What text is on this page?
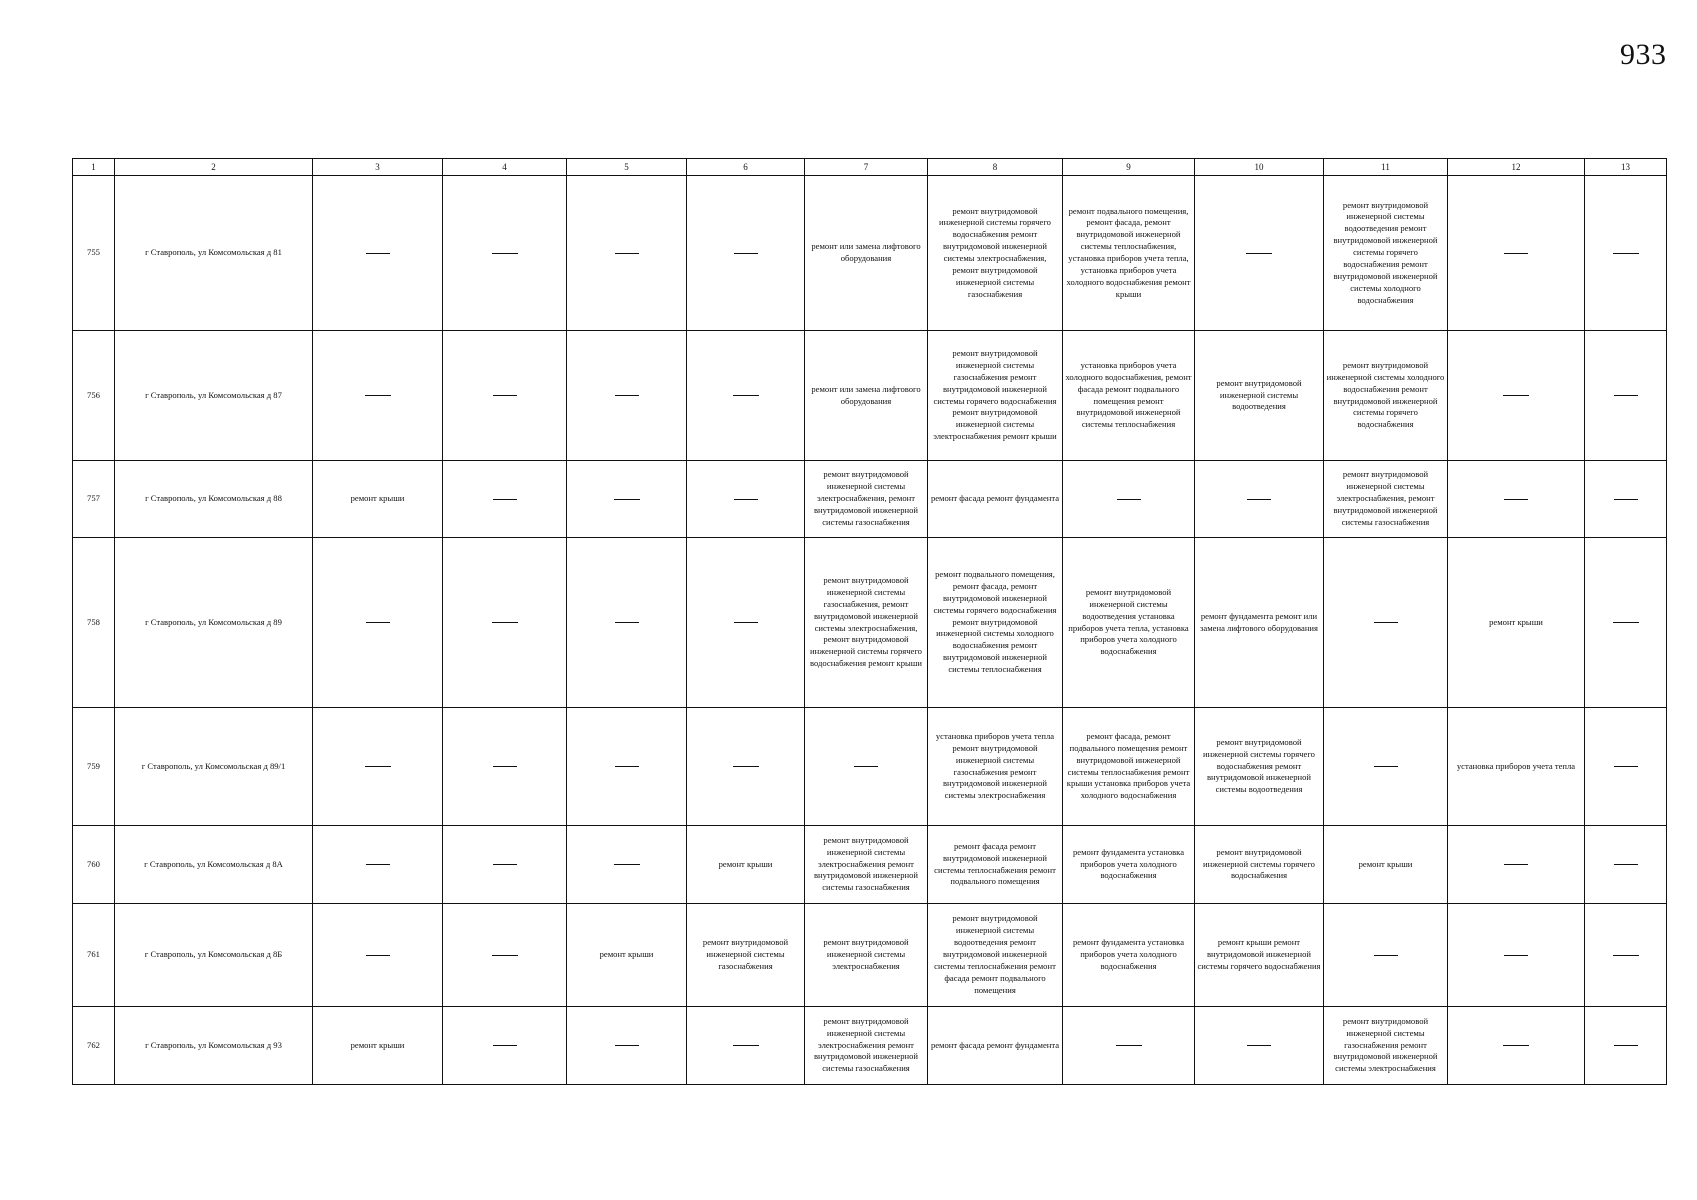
933
1	2	3	4	5	6	7	8	9	10	11	12	13
755	г Ставрополь, ул Комсомольская д 81					ремонт или замена лифтового оборудования	ремонт внутридомовой инженерной системы горячего водоснабжения ремонт внутридомовой инженерной системы электроснабжения, ремонт внутридомовой инженерной системы газоснабжения	ремонт подвального помещения, ремонт фасада, ремонт внутридомовой инженерной системы теплоснабжения, установка приборов учета тепла, установка приборов учета холодного водоснабжения ремонт крыши		ремонт внутридомовой инженерной системы водоотведения ремонт внутридомовой инженерной системы горячего водоснабжения ремонт внутридомовой инженерной системы холодного водоснабжения		

756	г Ставрополь, ул Комсомольская д 87					ремонт или замена лифтового оборудования	ремонт внутридомовой инженерной системы газоснабжения ремонт внутридомовой инженерной системы горячего водоснабжения ремонт внутридомовой инженерной системы электроснабжения ремонт крыши	установка приборов учета холодного водоснабжения, ремонт фасада ремонт подвального помещения ремонт внутридомовой инженерной системы теплоснабжения	ремонт внутридомовой инженерной системы водоотведения	ремонт внутридомовой инженерной системы холодного водоснабжения ремонт внутридомовой инженерной системы горячего водоснабжения		

757	г Ставрополь, ул Комсомольская д 88	ремонт крыши				ремонт внутридомовой инженерной системы электроснабжения, ремонт внутридомовой инженерной системы газоснабжения	ремонт фасада ремонт фундамента			ремонт внутридомовой инженерной системы электроснабжения, ремонт внутридомовой инженерной системы газоснабжения		

758	г Ставрополь, ул Комсомольская д 89					ремонт внутридомовой инженерной системы газоснабжения, ремонт внутридомовой инженерной системы электроснабжения, ремонт внутридомовой инженерной системы горячего водоснабжения ремонт крыши	ремонт подвального помещения, ремонт фасада, ремонт внутридомовой инженерной системы горячего водоснабжения ремонт внутридомовой инженерной системы холодного водоснабжения ремонт внутридомовой инженерной системы теплоснабжения	ремонт внутридомовой инженерной системы водоотведения установка приборов учета тепла, установка приборов учета холодного водоснабжения	ремонт фундамента ремонт или замена лифтового оборудования		ремонт крыши	

759	г Ставрополь, ул Комсомольская д 89/1						установка приборов учета тепла ремонт внутридомовой инженерной системы газоснабжения ремонт внутридомовой инженерной системы электроснабжения	ремонт фасада, ремонт подвального помещения ремонт внутридомовой инженерной системы теплоснабжения ремонт крыши установка приборов учета холодного водоснабжения	ремонт внутридомовой инженерной системы горячего водоснабжения ремонт внутридомовой инженерной системы водоотведения		установка приборов учета тепла	

760	г Ставрополь, ул Комсомольская д 8А				ремонт крыши	ремонт внутридомовой инженерной системы электроснабжения ремонт внутридомовой инженерной системы газоснабжения	ремонт фасада ремонт внутридомовой инженерной системы теплоснабжения ремонт подвального помещения	ремонт фундамента установка приборов учета холодного водоснабжения	ремонт внутридомовой инженерной системы горячего водоснабжения	ремонт крыши		

761	г Ставрополь, ул Комсомольская д 8Б			ремонт крыши	ремонт внутридомовой инженерной системы газоснабжения	ремонт внутридомовой инженерной системы электроснабжения	ремонт внутридомовой инженерной системы водоотведения ремонт внутридомовой инженерной системы теплоснабжения ремонт фасада ремонт подвального помещения	ремонт фундамента установка приборов учета холодного водоснабжения	ремонт крыши ремонт внутридомовой инженерной системы горячего водоснабжения			

762	г Ставрополь, ул Комсомольская д 93	ремонт крыши				ремонт внутридомовой инженерной системы электроснабжения ремонт внутридомовой инженерной системы газоснабжения	ремонт фасада ремонт фундамента			ремонт внутридомовой инженерной системы газоснабжения ремонт внутридомовой инженерной системы электроснабжения		
